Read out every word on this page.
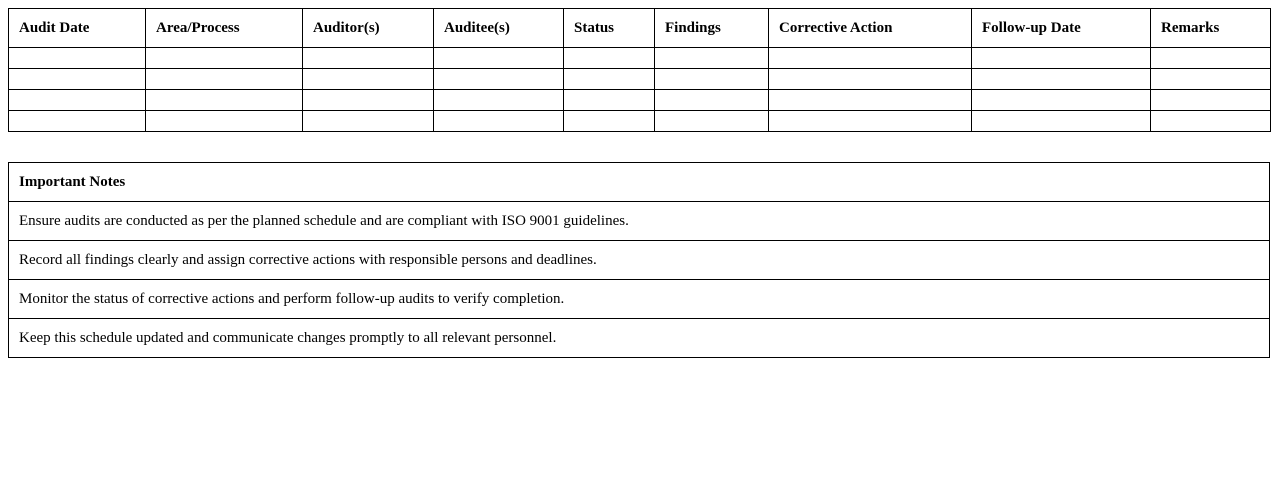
Audit Date	Area/Process	Auditor(s)	Auditee(s)	Status	Findings	Corrective Action	Follow-up Date	Remarks

Important Notes
Ensure audits are conducted as per the planned schedule and are compliant with ISO 9001 guidelines.
Record all findings clearly and assign corrective actions with responsible persons and deadlines.
Monitor the status of corrective actions and perform follow-up audits to verify completion.
Keep this schedule updated and communicate changes promptly to all relevant personnel.
